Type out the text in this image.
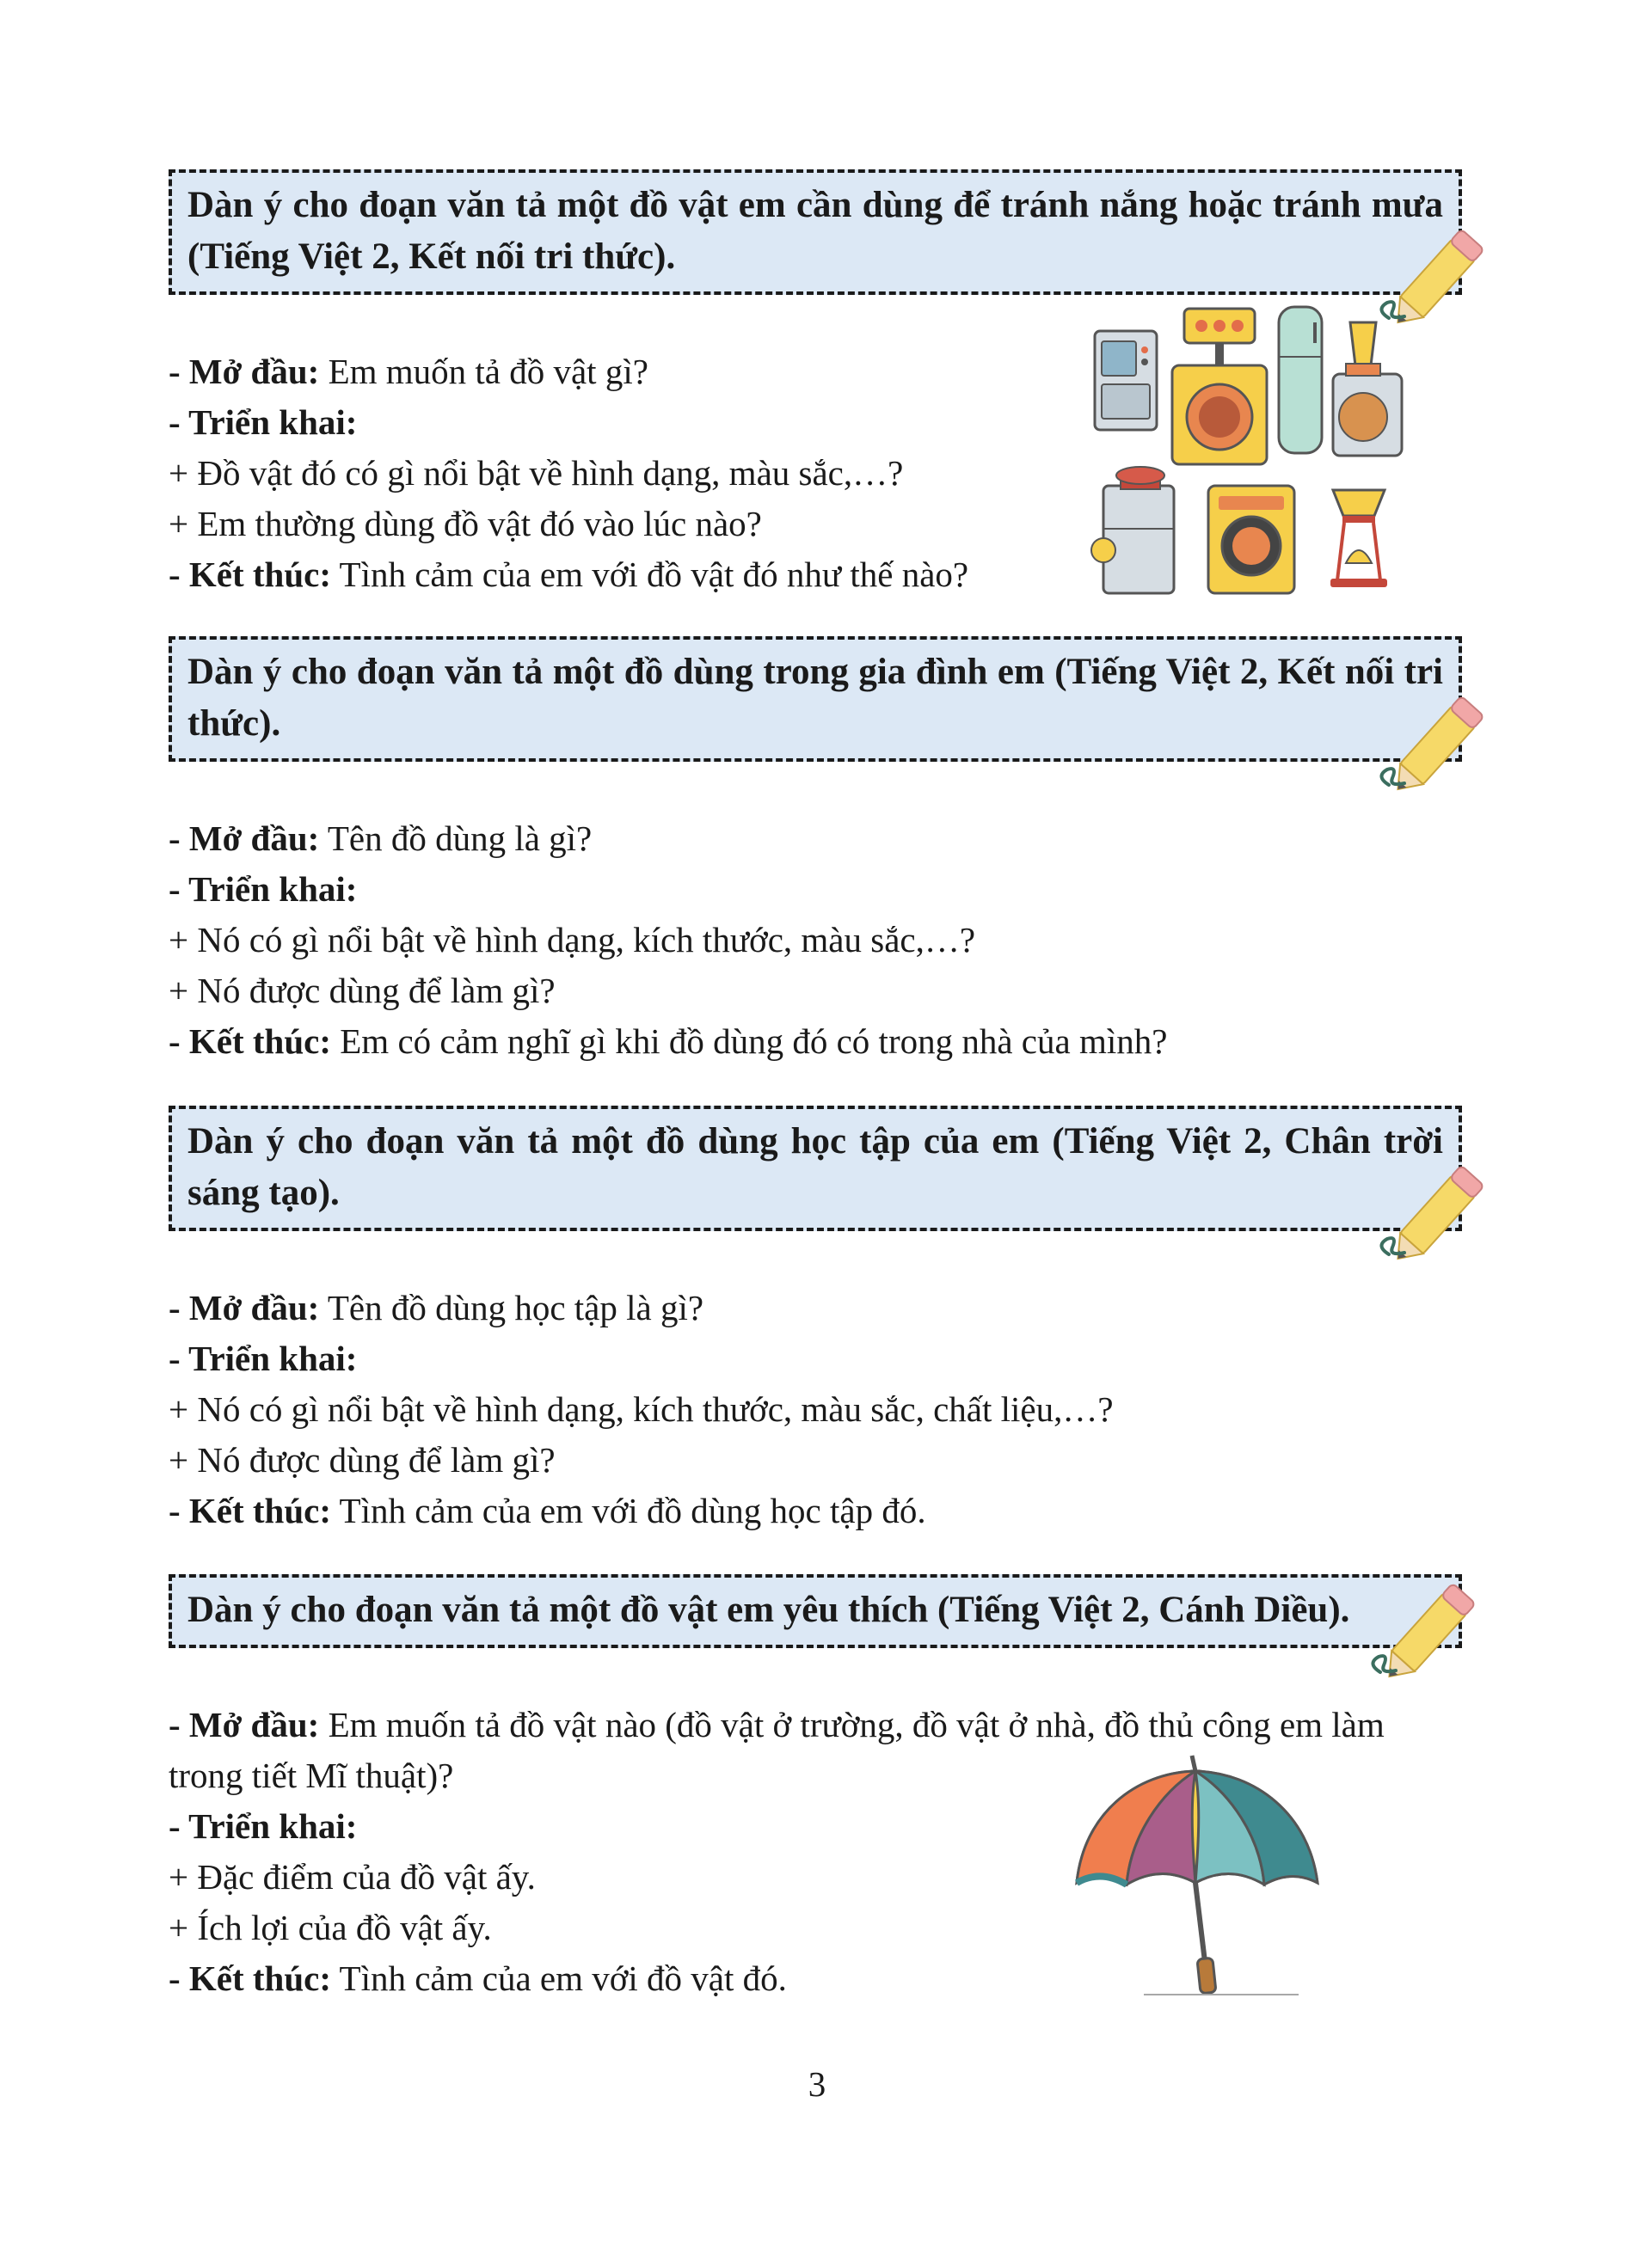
Dàn ý cho đoạn văn tả một đồ vật em cần dùng để tránh nắng hoặc tránh mưa (Tiếng Việt 2, Kết nối tri thức).
- Mở đầu: Em muốn tả đồ vật gì?
- Triển khai:
+ Đồ vật đó có gì nổi bật về hình dạng, màu sắc,…?
+ Em thường dùng đồ vật đó vào lúc nào?
- Kết thúc: Tình cảm của em với đồ vật đó như thế nào?
Dàn ý cho đoạn văn tả một đồ dùng trong gia đình em (Tiếng Việt 2, Kết nối tri thức).
- Mở đầu: Tên đồ dùng là gì?
- Triển khai:
+ Nó có gì nổi bật về hình dạng, kích thước, màu sắc,…?
+ Nó được dùng để làm gì?
- Kết thúc: Em có cảm nghĩ gì khi đồ dùng đó có trong nhà của mình?
Dàn ý cho đoạn văn tả một đồ dùng học tập của em (Tiếng Việt 2, Chân trời sáng tạo).
- Mở đầu: Tên đồ dùng học tập là gì?
- Triển khai:
+ Nó có gì nổi bật về hình dạng, kích thước, màu sắc, chất liệu,…?
+ Nó được dùng để làm gì?
- Kết thúc: Tình cảm của em với đồ dùng học tập đó.
Dàn ý cho đoạn văn tả một đồ vật em yêu thích (Tiếng Việt 2, Cánh Diều).
- Mở đầu: Em muốn tả đồ vật nào (đồ vật ở trường, đồ vật ở nhà, đồ thủ công em làm trong tiết Mĩ thuật)?
- Triển khai:
+ Đặc điểm của đồ vật ấy.
+ Ích lợi của đồ vật ấy.
- Kết thúc: Tình cảm của em với đồ vật đó.
3
